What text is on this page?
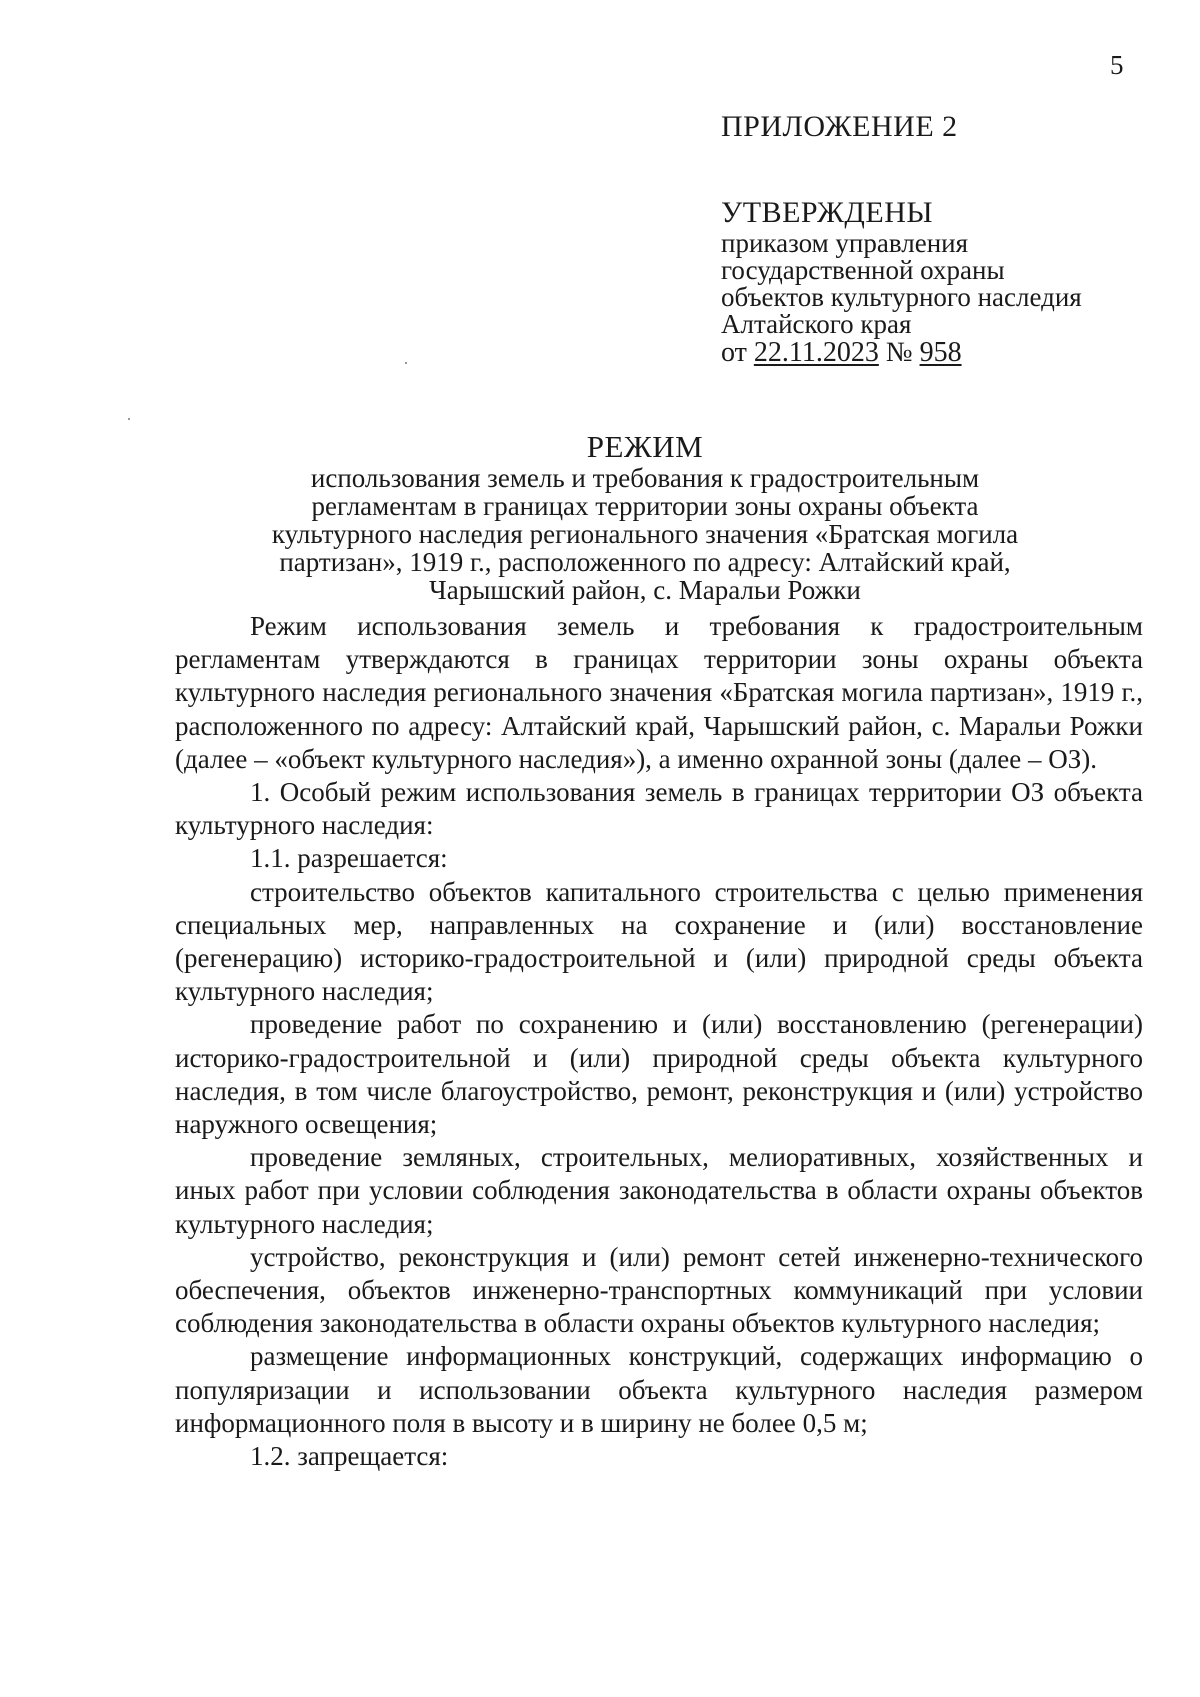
5

ПРИЛОЖЕНИЕ 2

УТВЕРЖДЕНЫ

приказом управления
государственной охраны
объектов культурного наследия
Алтайского края
от 22.11.2023 № 958

РЕЖИМ

использования земель и требования к градостроительным
регламентам в границах территории зоны охраны объекта
культурного наследия регионального значения «Братская могила
партизан», 1919 г., расположенного по адресу: Алтайский край,
Чарышский район, с. Маральи Рожки

Режим использования земель и требования к градостроительным регламентам утверждаются в границах территории зоны охраны объекта культурного наследия регионального значения «Братская могила партизан», 1919 г., расположенного по адресу: Алтайский край, Чарышский район, с. Маральи Рожки (далее – «объект культурного наследия»), а именно охранной зоны (далее – ОЗ).

1. Особый режим использования земель в границах территории ОЗ объекта культурного наследия:

1.1. разрешается:

строительство объектов капитального строительства с целью применения специальных мер, направленных на сохранение и (или) восстановление (регенерацию) историко-градостроительной и (или) природной среды объекта культурного наследия;

проведение работ по сохранению и (или) восстановлению (регенерации) историко-градостроительной и (или) природной среды объекта культурного наследия, в том числе благоустройство, ремонт, реконструкция и (или) устройство наружного освещения;

проведение земляных, строительных, мелиоративных, хозяйственных и иных работ при условии соблюдения законодательства в области охраны объектов культурного наследия;

устройство, реконструкция и (или) ремонт сетей инженерно-технического обеспечения, объектов инженерно-транспортных коммуникаций при условии соблюдения законодательства в области охраны объектов культурного наследия;

размещение информационных конструкций, содержащих информацию о популяризации и использовании объекта культурного наследия размером информационного поля в высоту и в ширину не более 0,5 м;

1.2. запрещается:
